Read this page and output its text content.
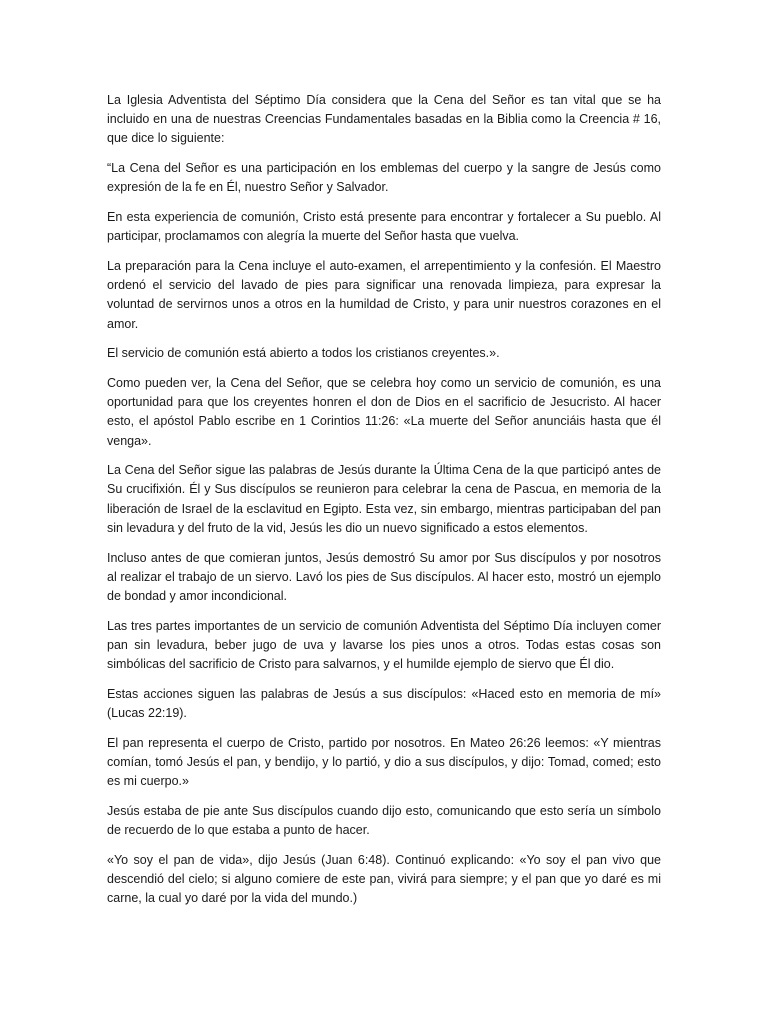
La Iglesia Adventista del Séptimo Día considera que la Cena del Señor es tan vital que se ha incluido en una de nuestras Creencias Fundamentales basadas en la Biblia como la Creencia # 16, que dice lo siguiente:

“La Cena del Señor es una participación en los emblemas del cuerpo y la sangre de Jesús como expresión de la fe en Él, nuestro Señor y Salvador.

En esta experiencia de comunión, Cristo está presente para encontrar y fortalecer a Su pueblo. Al participar, proclamamos con alegría la muerte del Señor hasta que vuelva.

La preparación para la Cena incluye el auto-examen, el arrepentimiento y la confesión. El Maestro ordenó el servicio del lavado de pies para significar una renovada limpieza, para expresar la voluntad de servirnos unos a otros en la humildad de Cristo, y para unir nuestros corazones en el amor.

El servicio de comunión está abierto a todos los cristianos creyentes.».

Como pueden ver, la Cena del Señor, que se celebra hoy como un servicio de comunión, es una oportunidad para que los creyentes honren el don de Dios en el sacrificio de Jesucristo. Al hacer esto, el apóstol Pablo escribe en 1 Corintios 11:26: «La muerte del Señor anunciáis hasta que él venga».

La Cena del Señor sigue las palabras de Jesús durante la Última Cena de la que participó antes de Su crucifixión. Él y Sus discípulos se reunieron para celebrar la cena de Pascua, en memoria de la liberación de Israel de la esclavitud en Egipto. Esta vez, sin embargo, mientras participaban del pan sin levadura y del fruto de la vid, Jesús les dio un nuevo significado a estos elementos.

Incluso antes de que comieran juntos, Jesús demostró Su amor por Sus discípulos y por nosotros al realizar el trabajo de un siervo. Lavó los pies de Sus discípulos. Al hacer esto, mostró un ejemplo de bondad y amor incondicional.

Las tres partes importantes de un servicio de comunión Adventista del Séptimo Día incluyen comer pan sin levadura, beber jugo de uva y lavarse los pies unos a otros. Todas estas cosas son simbólicas del sacrificio de Cristo para salvarnos, y el humilde ejemplo de siervo que Él dio.

Estas acciones siguen las palabras de Jesús a sus discípulos: «Haced esto en memoria de mí» (Lucas 22:19).

El pan representa el cuerpo de Cristo, partido por nosotros. En Mateo 26:26 leemos: «Y mientras comían, tomó Jesús el pan, y bendijo, y lo partió, y dio a sus discípulos, y dijo: Tomad, comed; esto es mi cuerpo.»

Jesús estaba de pie ante Sus discípulos cuando dijo esto, comunicando que esto sería un símbolo de recuerdo de lo que estaba a punto de hacer.

«Yo soy el pan de vida», dijo Jesús (Juan 6:48). Continuó explicando: «Yo soy el pan vivo que descendió del cielo; si alguno comiere de este pan, vivirá para siempre; y el pan que yo daré es mi carne, la cual yo daré por la vida del mundo.)
